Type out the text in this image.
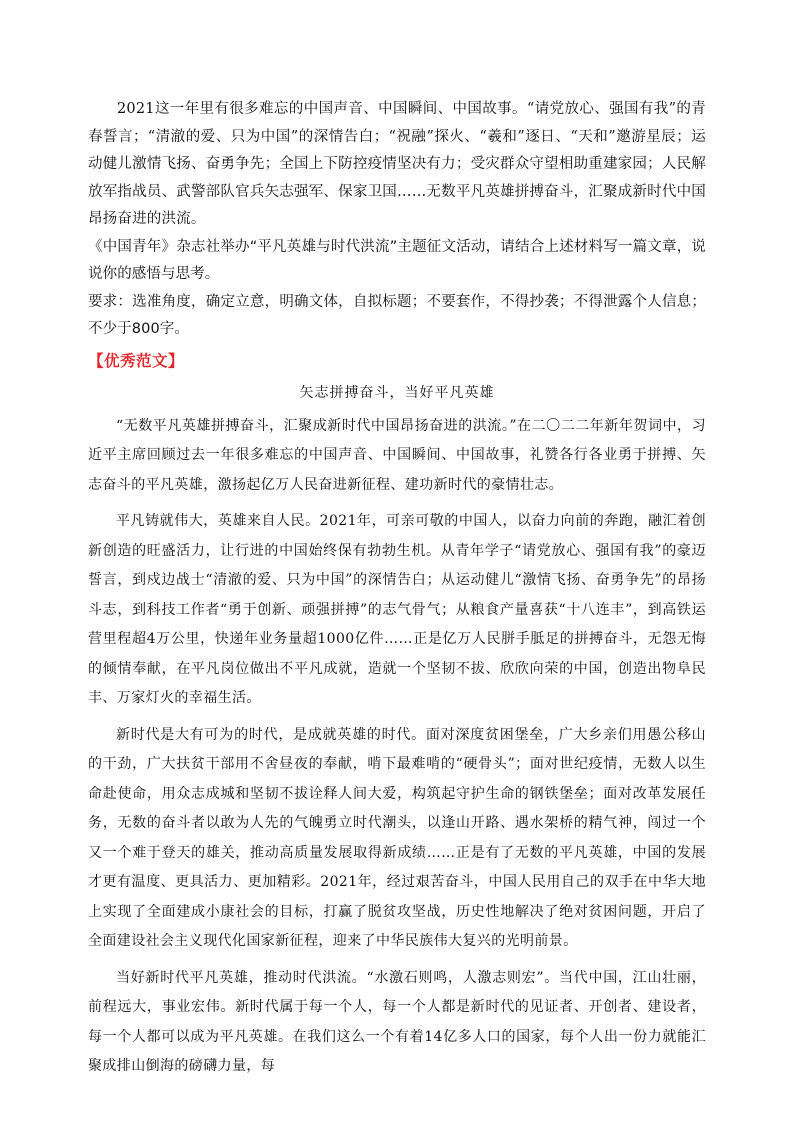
2021这一年里有很多难忘的中国声音、中国瞬间、中国故事。“请党放心、强国有我”的青春誓言；“清澈的爱、只为中国”的深情告白；“祝融”探火、“羲和”逐日、“天和”邀游星辰；运动健儿激情飞扬、奋勇争先；全国上下防控疫情坚决有力；受灾群众守望相助重建家园；人民解放军指战员、武警部队官兵矢志强军、保家卫国……无数平凡英雄拼搏奋斗，汇聚成新时代中国昂扬奋进的洪流。

《中国青年》杂志社举办“平凡英雄与时代洪流”主题征文活动，请结合上述材料写一篇文章，说说你的感悟与思考。

要求：选准角度，确定立意，明确文体，自拟标题；不要套作，不得抄袭；不得泄露个人信息；不少于800字。

【优秀范文】

矢志拼搏奋斗，当好平凡英雄

“无数平凡英雄拼搏奋斗，汇聚成新时代中国昂扬奋进的洪流。”在二〇二二年新年贺词中，习近平主席回顾过去一年很多难忘的中国声音、中国瞬间、中国故事，礼赞各行各业勇于拼搏、矢志奋斗的平凡英雄，激扬起亿万人民奋进新征程、建功新时代的豪情壮志。

平凡铸就伟大，英雄来自人民。2021年，可亲可敬的中国人，以奋力向前的奔跑，融汇着创新创造的旺盛活力，让行进的中国始终保有勃勃生机。从青年学子“请党放心、强国有我”的豪迈誓言，到戍边战士“清澈的爱、只为中国”的深情告白；从运动健儿“激情飞扬、奋勇争先”的昂扬斗志，到科技工作者“勇于创新、顽强拼搏”的志气骨气；从粮食产量喜获“十八连丰”，到高铁运营里程超4万公里，快递年业务量超1000亿件……正是亿万人民胼手胝足的拼搏奋斗，无怨无悔的倾情奉献，在平凡岗位做出不平凡成就，造就一个坚韧不拔、欣欣向荣的中国，创造出物阜民丰、万家灯火的幸福生活。

新时代是大有可为的时代，是成就英雄的时代。面对深度贫困堡垒，广大乡亲们用愚公移山的干劲，广大扶贫干部用不舍昼夜的奉献，啃下最难啃的“硬骨头”；面对世纪疫情，无数人以生命赴使命，用众志成城和坚韧不拔诠释人间大爱，构筑起守护生命的钢铁堡垒；面对改革发展任务，无数的奋斗者以敢为人先的气魄勇立时代潮头，以逢山开路、遇水架桥的精气神，闯过一个又一个难于登天的雄关，推动高质量发展取得新成绩……正是有了无数的平凡英雄，中国的发展才更有温度、更具活力、更加精彩。2021年，经过艰苦奋斗，中国人民用自己的双手在中华大地上实现了全面建成小康社会的目标，打赢了脱贫攻坚战，历史性地解决了绝对贫困问题，开启了全面建设社会主义现代化国家新征程，迎来了中华民族伟大复兴的光明前景。

当好新时代平凡英雄，推动时代洪流。“水激石则鸣，人激志则宏”。当代中国，江山壮丽，前程远大，事业宏伟。新时代属于每一个人，每一个人都是新时代的见证者、开创者、建设者，每一个人都可以成为平凡英雄。在我们这么一个有着14亿多人口的国家，每个人出一份力就能汇聚成排山倒海的磅礴力量，每
